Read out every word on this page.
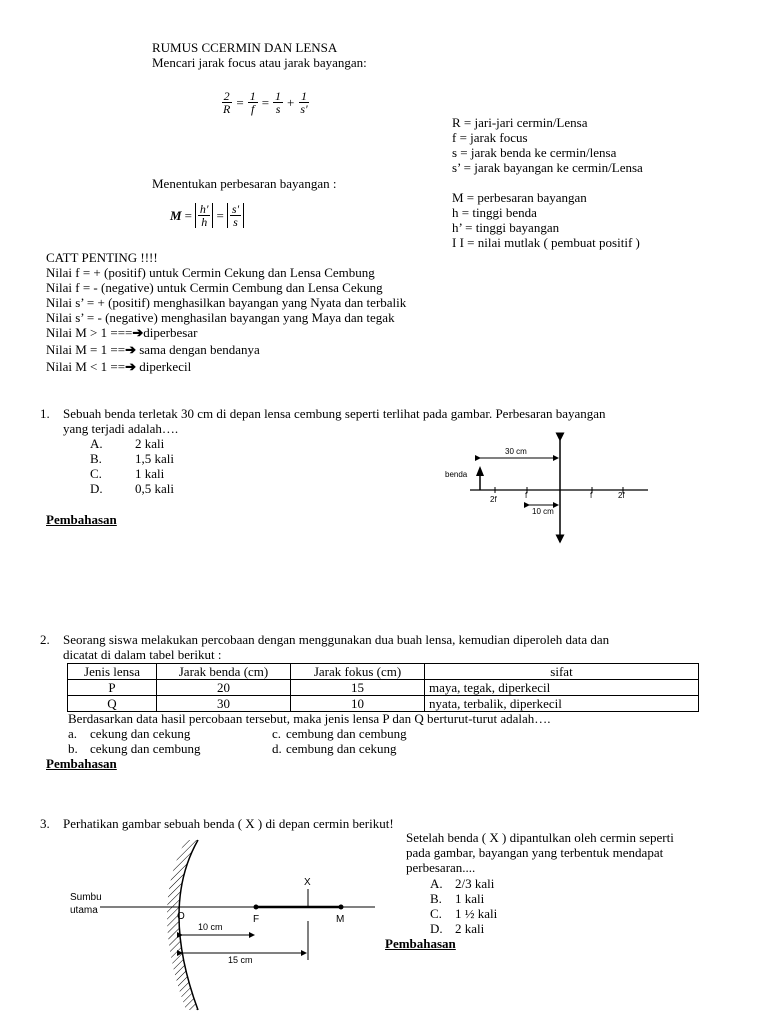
RUMUS CCERMIN DAN LENSA
Mencari jarak focus atau jarak bayangan:
$\frac{2}{R} = \frac{1}{f} = \frac{1}{s} + \frac{1}{s'}$
R = jari-jari cermin/Lensa
f = jarak focus
s = jarak benda ke cermin/lensa
s’ = jarak bayangan ke cermin/Lensa
Menentukan perbesaran bayangan :
$M = \frac{h'}{h} = \frac{s'}{s}$
M = perbesaran bayangan
h = tinggi benda
h’ = tinggi bayangan
I I = nilai mutlak ( pembuat positif )
CATT PENTING !!!!
Nilai f = + (positif) untuk Cermin Cekung dan Lensa Cembung
Nilai f = - (negative) untuk Cermin Cembung dan Lensa Cekung
Nilai s’ = + (positif) menghasilkan bayangan yang Nyata dan terbalik
Nilai s’ = - (negative) menghasilan bayangan yang Maya dan tegak
Nilai M > 1 ===➔diperbesar
Nilai M = 1 ==➔ sama dengan bendanya
Nilai M < 1 ==➔ diperkecil
1. Sebuah benda terletak 30 cm di depan lensa cembung seperti terlihat pada gambar. Perbesaran bayangan
yang terjadi adalah….
A. 2 kali
B.	1,5 kali
C.	1 kali
D. 0,5 kali
Pembahasan
benda
30 cm
2f	f	f	2f
10 cm
2. Seorang siswa melakukan percobaan dengan menggunakan dua buah lensa, kemudian diperoleh data dan
dicatat di dalam tabel berikut :
Jenis lensa	Jarak benda (cm)	Jarak fokus (cm)	sifat
P	20	15	maya, tegak, diperkecil
Q	30	10	nyata, terbalik, diperkecil
Berdasarkan data hasil percobaan tersebut, maka jenis lensa P dan Q berturut-turut adalah….
a. cekung dan cekung	c. cembung dan cembung
b. cekung dan cembung	d. cembung dan cekung
Pembahasan
3. Perhatikan gambar sebuah benda ( X ) di depan cermin berikut!
Setelah benda ( X ) dipantulkan oleh cermin seperti
pada gambar, bayangan yang terbentuk mendapat
perbesaran....
A. 2/3 kali
B. 1 kali
C. 1 ½ kali
D. 2 kali
Pembahasan
Sumbu
utama
O	F	M
X
10 cm
15 cm
